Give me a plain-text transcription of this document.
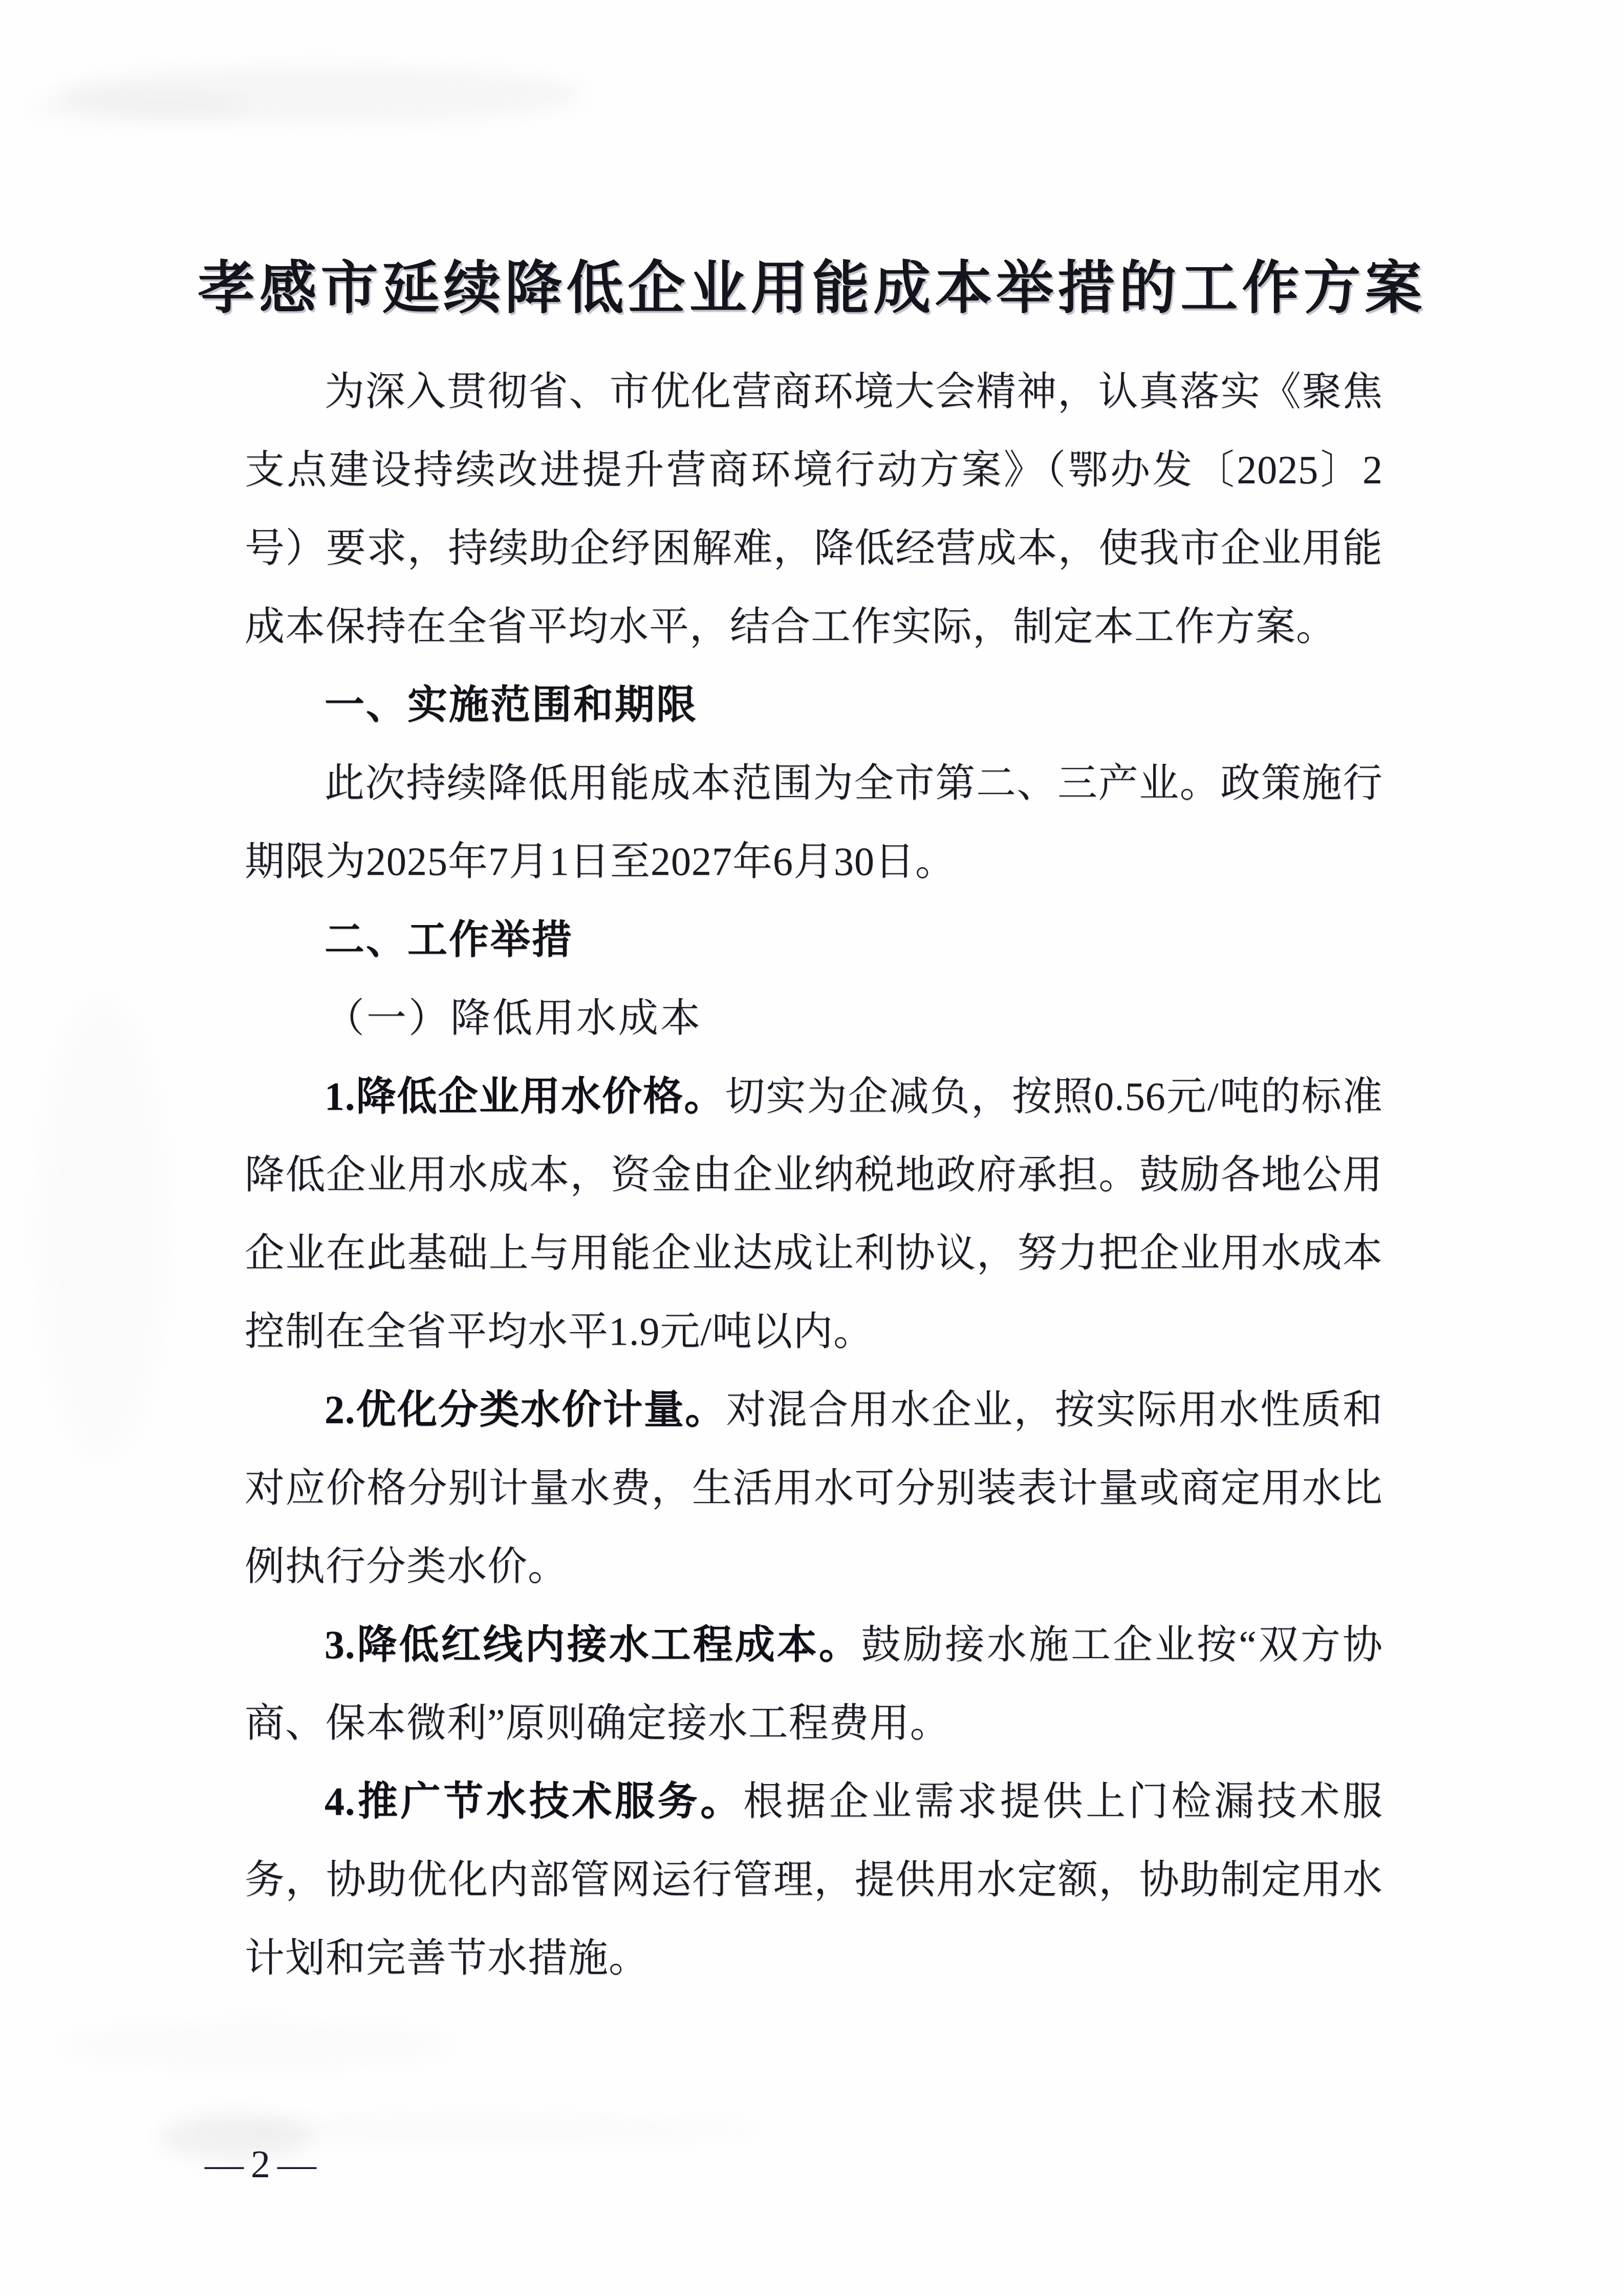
孝感市延续降低企业用能成本举措的工作方案

为深入贯彻省、市优化营商环境大会精神，认真落实《聚焦支点建设持续改进提升营商环境行动方案》（鄂办发〔2025〕2号）要求，持续助企纾困解难，降低经营成本，使我市企业用能成本保持在全省平均水平，结合工作实际，制定本工作方案。

一、实施范围和期限

此次持续降低用能成本范围为全市第二、三产业。政策施行期限为2025年7月1日至2027年6月30日。

二、工作举措
（一）降低用水成本

1.降低企业用水价格。切实为企减负，按照0.56元/吨的标准降低企业用水成本，资金由企业纳税地政府承担。鼓励各地公用企业在此基础上与用能企业达成让利协议，努力把企业用水成本控制在全省平均水平1.9元/吨以内。

2.优化分类水价计量。对混合用水企业，按实际用水性质和对应价格分别计量水费，生活用水可分别装表计量或商定用水比例执行分类水价。

3.降低红线内接水工程成本。鼓励接水施工企业按“双方协商、保本微利”原则确定接水工程费用。

4.推广节水技术服务。根据企业需求提供上门检漏技术服务，协助优化内部管网运行管理，提供用水定额，协助制定用水计划和完善节水措施。

—2—
